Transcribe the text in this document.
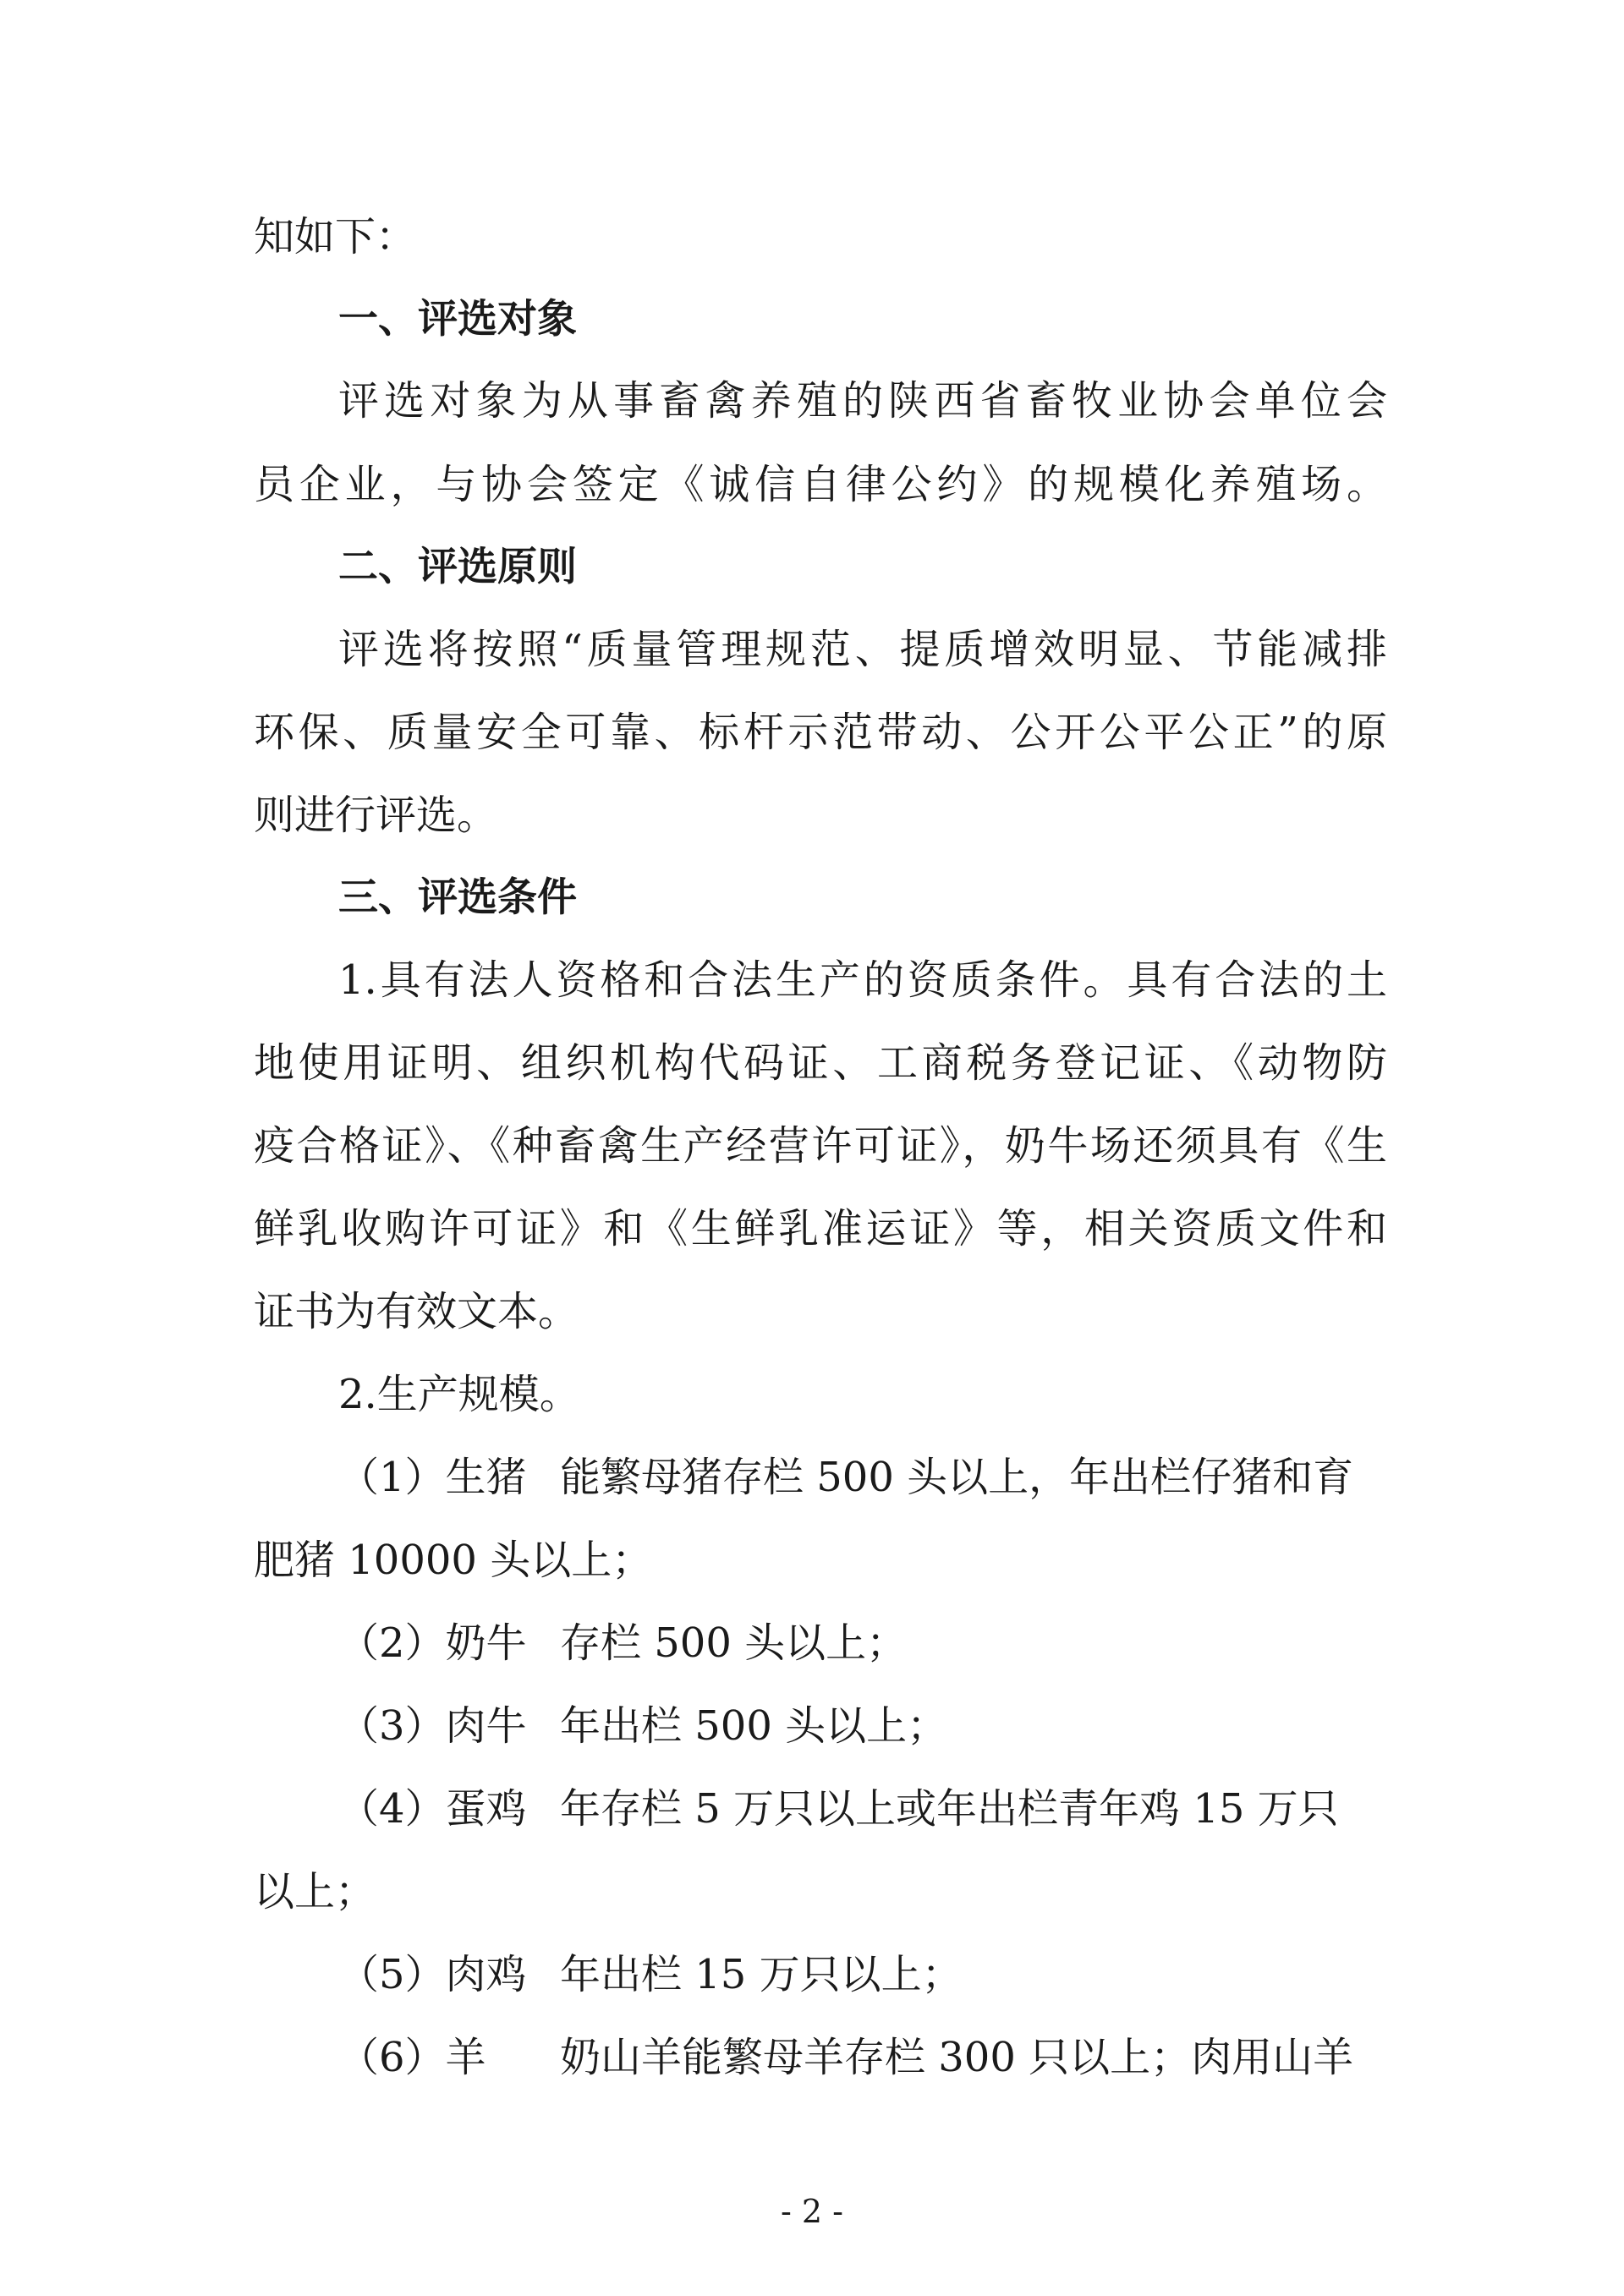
知如下：
一、评选对象
评选对象为从事畜禽养殖的陕西省畜牧业协会单位会
员企业，与协会签定《诚信自律公约》的规模化养殖场。
二、评选原则
评选将按照“质量管理规范、提质增效明显、节能减排
环保、质量安全可靠、标杆示范带动、公开公平公正”的原
则进行评选。
三、评选条件
1.具有法人资格和合法生产的资质条件。具有合法的土
地使用证明、组织机构代码证、工商税务登记证、《动物防
疫合格证》、《种畜禽生产经营许可证》，奶牛场还须具有《生
鲜乳收购许可证》和《生鲜乳准运证》等，相关资质文件和
证书为有效文本。
2.生产规模。
（1）生猪 能繁母猪存栏 500 头以上，年出栏仔猪和育
肥猪 10000 头以上；
（2）奶牛 存栏 500 头以上；
（3）肉牛 年出栏 500 头以上；
（4）蛋鸡 年存栏 5 万只以上或年出栏青年鸡 15 万只
以上；
（5）肉鸡 年出栏 15 万只以上；
（6）羊 奶山羊能繁母羊存栏 300 只以上；肉用山羊
- 2 -
